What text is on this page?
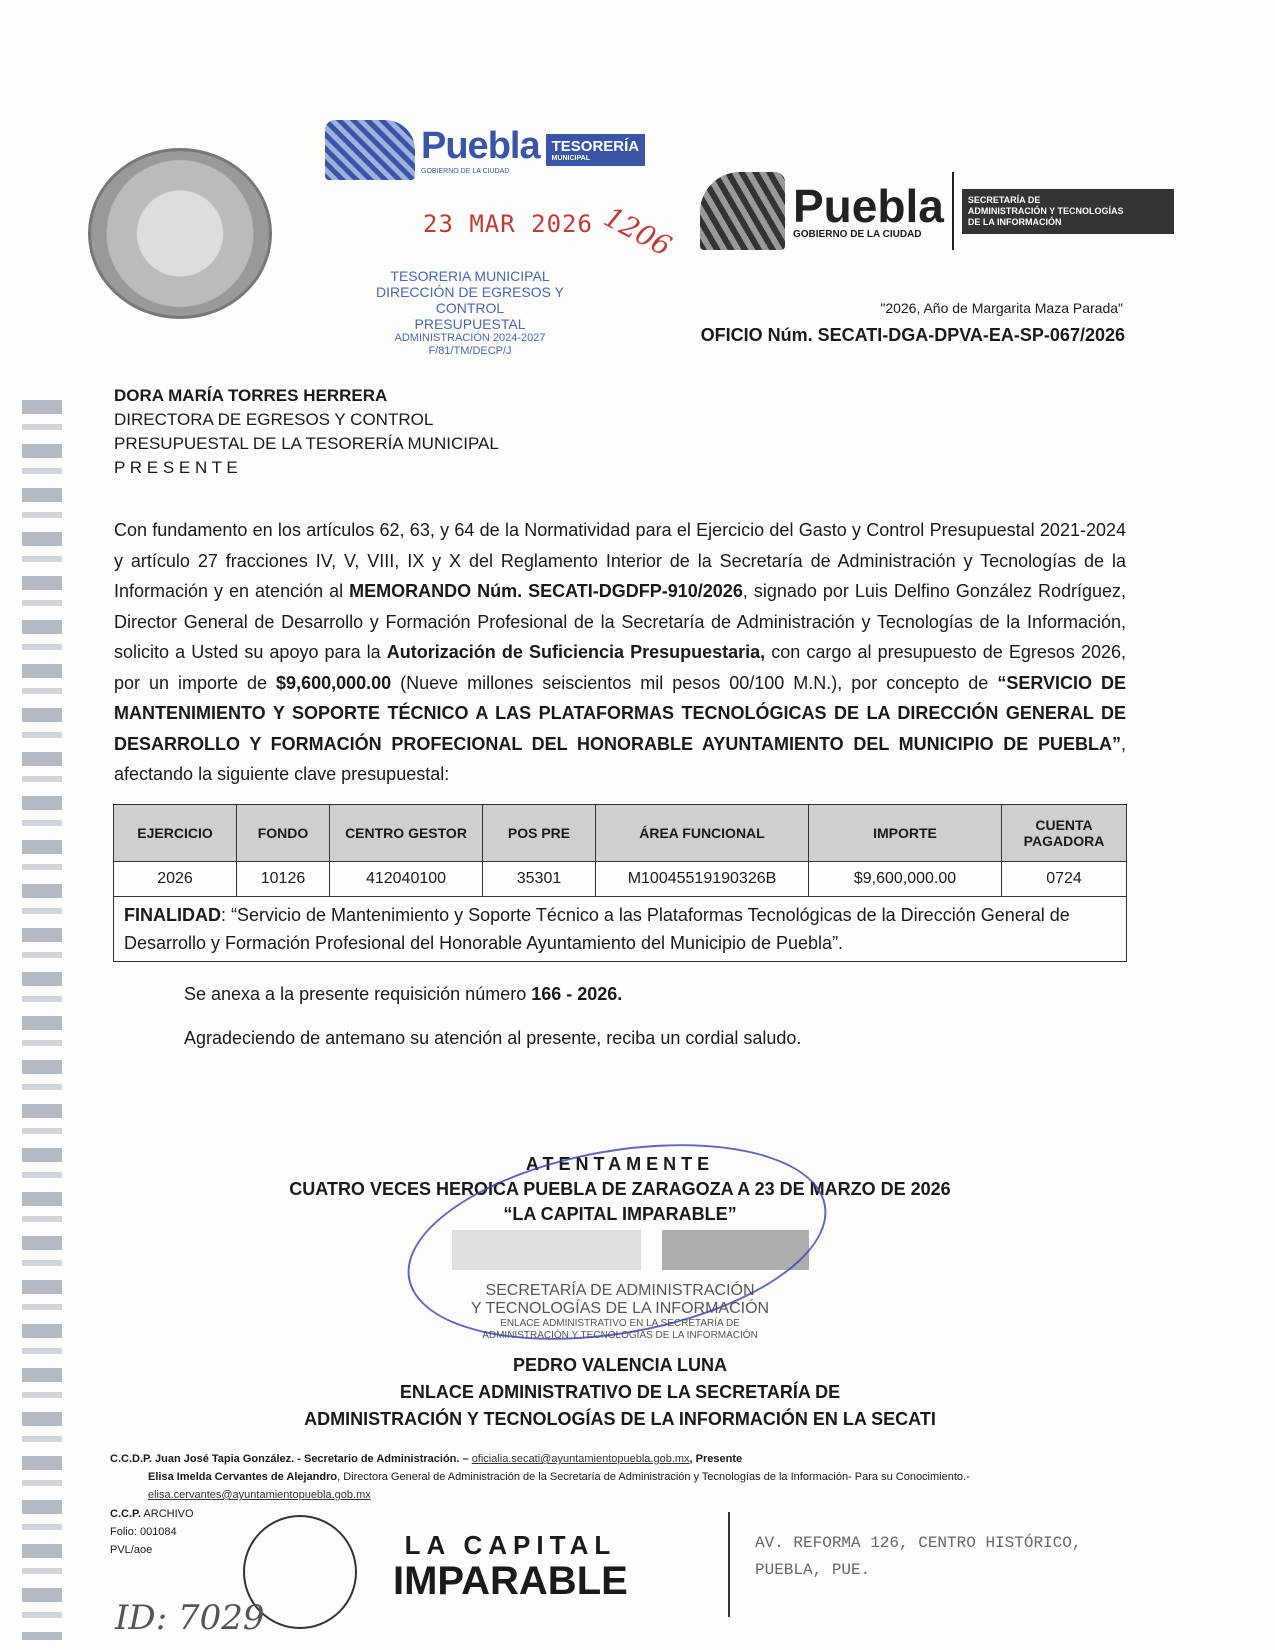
Puebla
GOBIERNO DE LA CIUDAD
TESORERÍA
MUNICIPAL
23 MAR 2026 1206
TESORERIA MUNICIPAL
DIRECCIÓN DE EGRESOS Y CONTROL
PRESUPUESTAL
ADMINISTRACIÓN 2024-2027
F/81/TM/DECP/J
Puebla
GOBIERNO DE LA CIUDAD
SECRETARÍA DE
ADMINISTRACIÓN Y TECNOLOGÍAS
DE LA INFORMACIÓN
"2026, Año de Margarita Maza Parada"
OFICIO Núm. SECATI-DGA-DPVA-EA-SP-067/2026
DORA MARÍA TORRES HERRERA
DIRECTORA DE EGRESOS Y CONTROL
PRESUPUESTAL DE LA TESORERÍA MUNICIPAL
P R E S E N T E
Con fundamento en los artículos 62, 63, y 64 de la Normatividad para el Ejercicio del Gasto y Control Presupuestal 2021-2024 y artículo 27 fracciones IV, V, VIII, IX y X del Reglamento Interior de la Secretaría de Administración y Tecnologías de la Información y en atención al MEMORANDO Núm. SECATI-DGDFP-910/2026, signado por Luis Delfino González Rodríguez, Director General de Desarrollo y Formación Profesional de la Secretaría de Administración y Tecnologías de la Información, solicito a Usted su apoyo para la Autorización de Suficiencia Presupuestaria, con cargo al presupuesto de Egresos 2026, por un importe de $9,600,000.00 (Nueve millones seiscientos mil pesos 00/100 M.N.), por concepto de “SERVICIO DE MANTENIMIENTO Y SOPORTE TÉCNICO A LAS PLATAFORMAS TECNOLÓGICAS DE LA DIRECCIÓN GENERAL DE DESARROLLO Y FORMACIÓN PROFECIONAL DEL HONORABLE AYUNTAMIENTO DEL MUNICIPIO DE PUEBLA”, afectando la siguiente clave presupuestal:
EJERCICIO	FONDO	CENTRO GESTOR	POS PRE	ÁREA FUNCIONAL	IMPORTE	CUENTA PAGADORA
2026	10126	412040100	35301	M10045519190326B	$9,600,000.00	0724
FINALIDAD: “Servicio de Mantenimiento y Soporte Técnico a las Plataformas Tecnológicas de la Dirección General de Desarrollo y Formación Profesional del Honorable Ayuntamiento del Municipio de Puebla”.						
Se anexa a la presente requisición número 166 - 2026.
Agradeciendo de antemano su atención al presente, reciba un cordial saludo.
ATENTAMENTE
CUATRO VECES HEROICA PUEBLA DE ZARAGOZA A 23 DE MARZO DE 2026
“LA CAPITAL IMPARABLE”
SECRETARÍA DE ADMINISTRACIÓN
Y TECNOLOGÍAS DE LA INFORMACIÓN
ENLACE ADMINISTRATIVO EN LA SECRETARÍA DE
ADMINISTRACIÓN Y TECNOLOGÍAS DE LA INFORMACIÓN
PEDRO VALENCIA LUNA
ENLACE ADMINISTRATIVO DE LA SECRETARÍA DE
ADMINISTRACIÓN Y TECNOLOGÍAS DE LA INFORMACIÓN EN LA SECATI
C.C.D.P. Juan José Tapia González. - Secretario de Administración. – oficialia.secati@ayuntamientopuebla.gob.mx, Presente
Elisa Imelda Cervantes de Alejandro, Directora General de Administración de la Secretaría de Administración y Tecnologías de la Información- Para su Conocimiento.- elisa.cervantes@ayuntamientopuebla.gob.mx
C.C.P. ARCHIVO
Folio: 001084
PVL/aoe	LA CAPITAL
IMPARABLE
AV. REFORMA 126, CENTRO HISTÓRICO,
PUEBLA, PUE.
ID: 7029
